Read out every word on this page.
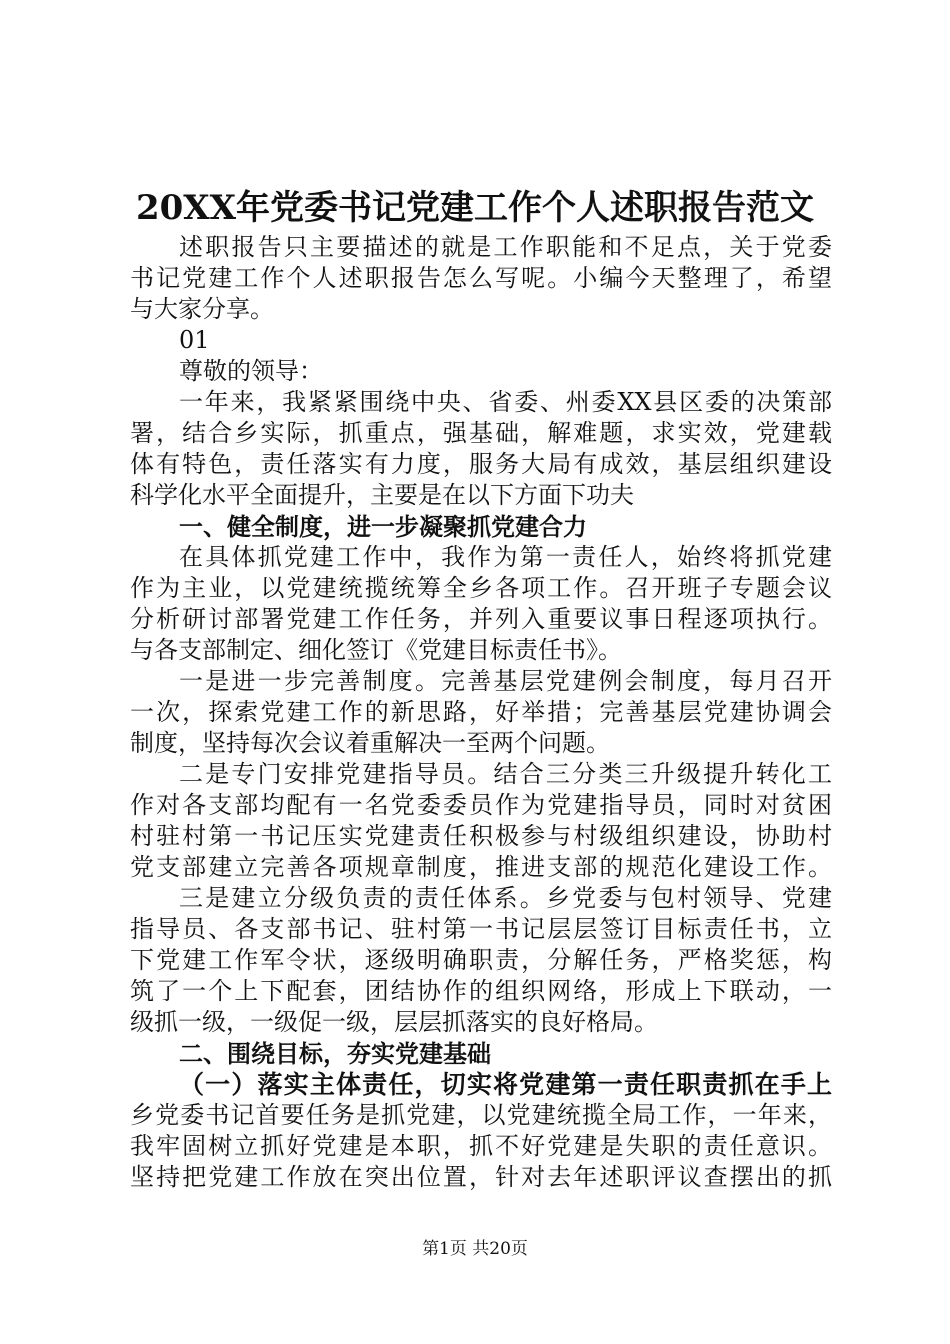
20XX年党委书记党建工作个人述职报告范文
述职报告只主要描述的就是工作职能和不足点，关于党委
书记党建工作个人述职报告怎么写呢。小编今天整理了，希望
与大家分享。
01
尊敬的领导：
一年来，我紧紧围绕中央、省委、州委XX县区委的决策部
署，结合乡实际，抓重点，强基础，解难题，求实效，党建载
体有特色，责任落实有力度，服务大局有成效，基层组织建设
科学化水平全面提升，主要是在以下方面下功夫
一、健全制度，进一步凝聚抓党建合力
在具体抓党建工作中，我作为第一责任人，始终将抓党建
作为主业，以党建统揽统筹全乡各项工作。召开班子专题会议
分析研讨部署党建工作任务，并列入重要议事日程逐项执行。
与各支部制定、细化签订《党建目标责任书》。
一是进一步完善制度。完善基层党建例会制度，每月召开
一次，探索党建工作的新思路，好举措；完善基层党建协调会
制度，坚持每次会议着重解决一至两个问题。
二是专门安排党建指导员。结合三分类三升级提升转化工
作对各支部均配有一名党委委员作为党建指导员，同时对贫困
村驻村第一书记压实党建责任积极参与村级组织建设，协助村
党支部建立完善各项规章制度，推进支部的规范化建设工作。
三是建立分级负责的责任体系。乡党委与包村领导、党建
指导员、各支部书记、驻村第一书记层层签订目标责任书，立
下党建工作军令状，逐级明确职责，分解任务，严格奖惩，构
筑了一个上下配套，团结协作的组织网络，形成上下联动，一
级抓一级，一级促一级，层层抓落实的良好格局。
二、围绕目标，夯实党建基础
（一）落实主体责任，切实将党建第一责任职责抓在手上
乡党委书记首要任务是抓党建，以党建统揽全局工作，一年来，
我牢固树立抓好党建是本职，抓不好党建是失职的责任意识。
坚持把党建工作放在突出位置，针对去年述职评议查摆出的抓
第1页 共20页
